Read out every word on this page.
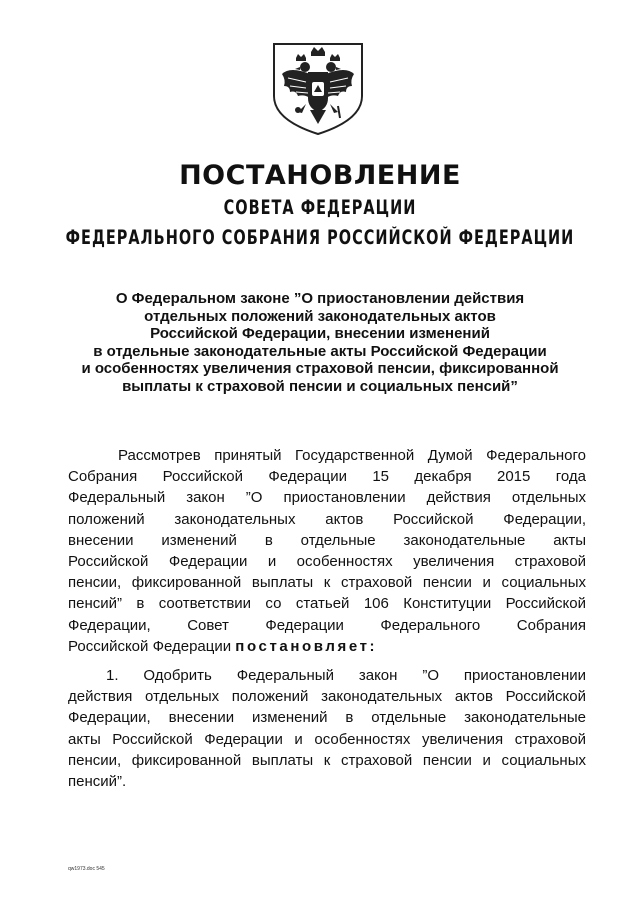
ПОСТАНОВЛЕНИЕ
СОВЕТА ФЕДЕРАЦИИ
ФЕДЕРАЛЬНОГО СОБРАНИЯ РОССИЙСКОЙ ФЕДЕРАЦИИ
О Федеральном законе ”О приостановлении действия
отдельных положений законодательных актов
Российской Федерации, внесении изменений
в отдельные законодательные акты Российской Федерации
и особенностях увеличения страховой пенсии, фиксированной
выплаты к страховой пенсии и социальных пенсий”
Рассмотрев принятый Государственной Думой Федерального
Собрания Российской Федерации 15 декабря 2015 года
Федеральный закон ”О приостановлении действия отдельных
положений законодательных актов Российской Федерации,
внесении изменений в отдельные законодательные акты
Российской Федерации и особенностях увеличения страховой
пенсии, фиксированной выплаты к страховой пенсии и социальных
пенсий” в соответствии со статьей 106 Конституции Российской
Федерации, Совет Федерации Федерального Собрания
Российской Федерации постановляет:
1. Одобрить Федеральный закон ”О приостановлении
действия отдельных положений законодательных актов Российской
Федерации, внесении изменений в отдельные законодательные
акты Российской Федерации и особенностях увеличения страховой
пенсии, фиксированной выплаты к страховой пенсии и социальных
пенсий”.
qw1973.doc 545
